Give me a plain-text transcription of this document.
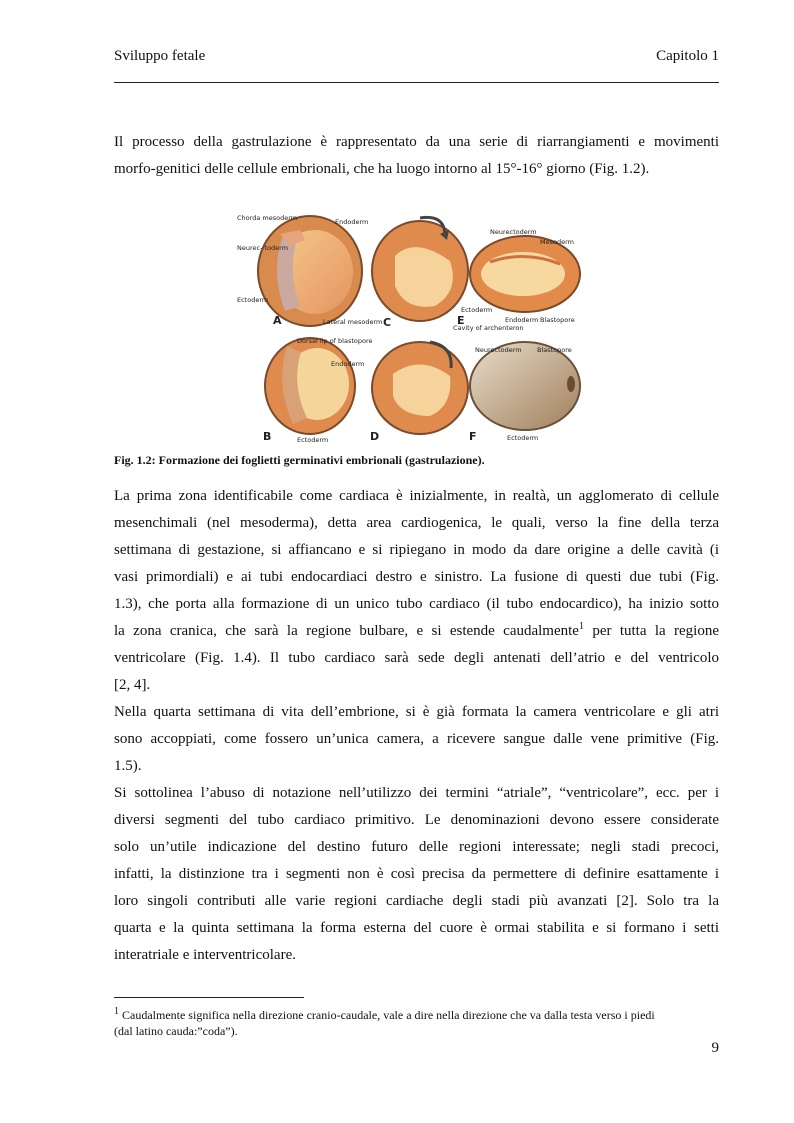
Sviluppo fetale	Capitolo 1
Il processo della gastrulazione è rappresentato da una serie di riarrangiamenti e movimenti
morfo-genitici delle cellule embrionali, che ha luogo intorno al 15°-16° giorno (Fig. 1.2).
Chorda mesoderm
Neurec- toderm
Ectoderm
Endoderm
Lateral mesoderm
Neurectoderm
Mesoderm
Ectoderm
Endoderm Blastopore
Cavity of archenteron
Dorsal lip of blastopore
Endoderm
Ectoderm
Neurectoderm Blastopore
Ectoderm
A
B
C
D
E
F
Fig. 1.2: Formazione dei foglietti germinativi embrionali (gastrulazione).
La prima zona identificabile come cardiaca è inizialmente, in realtà, un agglomerato di cellule
mesenchimali (nel mesoderma), detta area cardiogenica, le quali, verso la fine della terza
settimana di gestazione, si affiancano e si ripiegano in modo da dare origine a delle cavità (i
vasi primordiali) e ai tubi endocardiaci destro e sinistro. La fusione di questi due tubi (Fig.
1.3), che porta alla formazione di un unico tubo cardiaco (il tubo endocardico), ha inizio sotto
la zona cranica, che sarà la regione bulbare, e si estende caudalmente$^1$ per tutta la regione
ventricolare (Fig. 1.4). Il tubo cardiaco sarà sede degli antenati dell’atrio e del ventricolo
[2, 4].
Nella quarta settimana di vita dell’embrione, si è già formata la camera ventricolare e gli atri
sono accoppiati, come fossero un’unica camera, a ricevere sangue dalle vene primitive (Fig.
1.5).
Si sottolinea l’abuso di notazione nell’utilizzo dei termini “atriale”, “ventricolare”, ecc. per i
diversi segmenti del tubo cardiaco primitivo. Le denominazioni devono essere considerate
solo un’utile indicazione del destino futuro delle regioni interessate; negli stadi precoci,
infatti, la distinzione tra i segmenti non è così precisa da permettere di definire esattamente i
loro singoli contributi alle varie regioni cardiache degli stadi più avanzati [2]. Solo tra la
quarta e la quinta settimana la forma esterna del cuore è ormai stabilita e si formano i setti
interatriale e interventricolare.
$^1$ Caudalmente significa nella direzione cranio-caudale, vale a dire nella direzione che va dalla testa verso i piedi
(dal latino cauda:”coda”).
9
